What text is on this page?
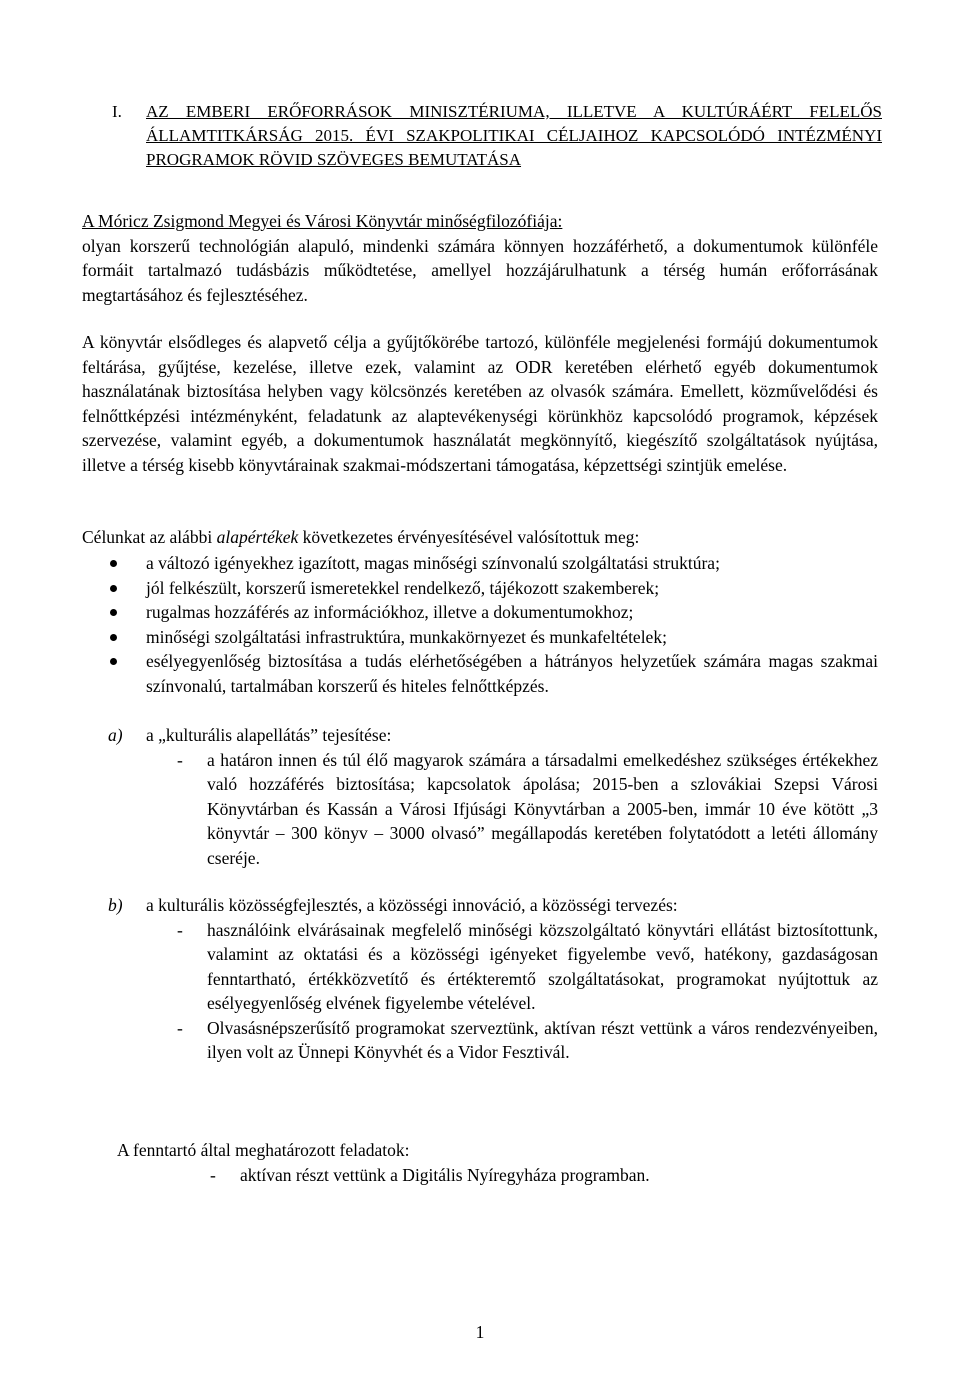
I. AZ EMBERI ERŐFORRÁSOK MINISZTÉRIUMA, ILLETVE A KULTÚRÁÉRT FELELŐS ÁLLAMTITKÁRSÁG 2015. ÉVI SZAKPOLITIKAI CÉLJAIHOZ KAPCSOLÓDÓ INTÉZMÉNYI PROGRAMOK RÖVID SZÖVEGES BEMUTATÁSA
A Móricz Zsigmond Megyei és Városi Könyvtár minőségfilozófiája:
olyan korszerű technológián alapuló, mindenki számára könnyen hozzáférhető, a dokumentumok különféle formáit tartalmazó tudásbázis működtetése, amellyel hozzájárulhatunk a térség humán erőforrásának megtartásához és fejlesztéséhez.
A könyvtár elsődleges és alapvető célja a gyűjtőkörébe tartozó, különféle megjelenési formájú dokumentumok feltárása, gyűjtése, kezelése, illetve ezek, valamint az ODR keretében elérhető egyéb dokumentumok használatának biztosítása helyben vagy kölcsönzés keretében az olvasók számára. Emellett, közművelődési és felnőttképzési intézményként, feladatunk az alaptevékenységi körünkhöz kapcsolódó programok, képzések szervezése, valamint egyéb, a dokumentumok használatát megkönnyítő, kiegészítő szolgáltatások nyújtása, illetve a térség kisebb könyvtárainak szakmai-módszertani támogatása, képzettségi szintjük emelése.
Célunkat az alábbi alapértékek következetes érvényesítésével valósítottuk meg:
a változó igényekhez igazított, magas minőségi színvonalú szolgáltatási struktúra;
jól felkészült, korszerű ismeretekkel rendelkező, tájékozott szakemberek;
rugalmas hozzáférés az információkhoz, illetve a dokumentumokhoz;
minőségi szolgáltatási infrastruktúra, munkakörnyezet és munkafeltételek;
esélyegyenlőség biztosítása a tudás elérhetőségében a hátrányos helyzetűek számára magas szakmai színvonalú, tartalmában korszerű és hiteles felnőttképzés.
a) a „kulturális alapellátás” tejesítése:
- a határon innen és túl élő magyarok számára a társadalmi emelkedéshez szükséges értékekhez való hozzáférés biztosítása; kapcsolatok ápolása; 2015-ben a szlovákiai Szepsi Városi Könyvtárban és Kassán a Városi Ifjúsági Könyvtárban a 2005-ben, immár 10 éve kötött „3 könyvtár – 300 könyv – 3000 olvasó” megállapodás keretében folytatódott a letéti állomány cseréje.
b) a kulturális közösségfejlesztés, a közösségi innováció, a közösségi tervezés:
- használóink elvárásainak megfelelő minőségi közszolgáltató könyvtári ellátást biztosítottunk, valamint az oktatási és a közösségi igényeket figyelembe vevő, hatékony, gazdaságosan fenntartható, értékközvetítő és értékteremtő szolgáltatásokat, programokat nyújtottuk az esélyegyenlőség elvének figyelembe vételével.
- Olvasásnépszerűsítő programokat szerveztünk, aktívan részt vettünk a város rendezvényeiben, ilyen volt az Ünnepi Könyvhét és a Vidor Fesztivál.
A fenntartó által meghatározott feladatok:
- aktívan részt vettünk a Digitális Nyíregyháza programban.
1
